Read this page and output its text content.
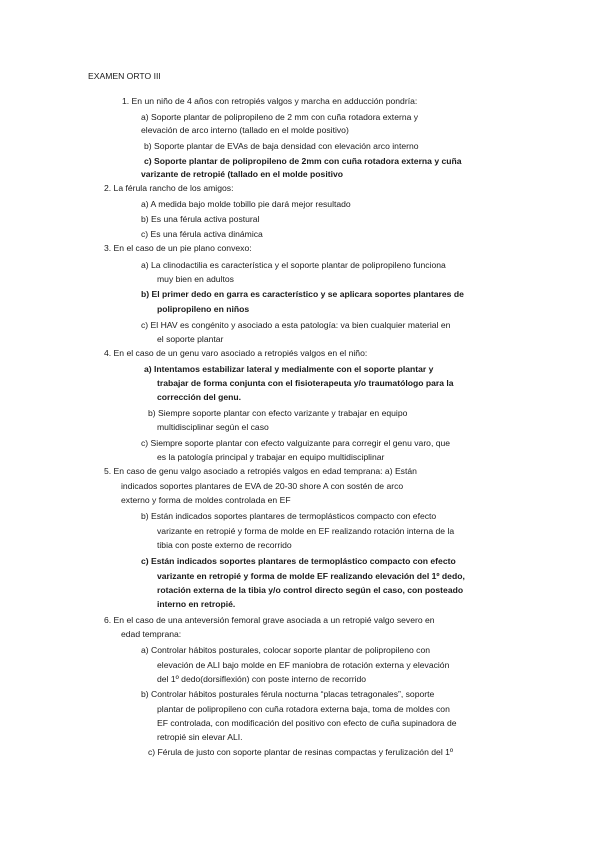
EXAMEN ORTO III
1. En un niño de 4 años con retropiés valgos y marcha en adducción pondría:
a) Soporte plantar de polipropileno de 2 mm con cuña rotadora externa y
elevación de arco interno (tallado en el molde positivo)
b) Soporte plantar de EVAs de baja densidad con elevación arco interno
c) Soporte plantar de polipropileno de 2mm con cuña rotadora externa y cuña
varizante de retropié (tallado en el molde positivo
2. La férula rancho de los amigos:
a) A medida bajo molde tobillo pie dará mejor resultado
b) Es una férula activa postural
c) Es una férula activa dinámica
3. En el caso de un pie plano convexo:
a) La clinodactilia es característica y el soporte plantar de polipropileno funciona
muy bien en adultos
b) El primer dedo en garra es característico y se aplicara soportes plantares de
polipropileno en niños
c) El HAV es congénito y asociado a esta patología: va bien cualquier material en
el soporte plantar
4. En el caso de un genu varo asociado a retropiés valgos en el niño:
a) Intentamos estabilizar lateral y medialmente con el soporte plantar y
trabajar de forma conjunta con el fisioterapeuta y/o traumatólogo para la
corrección del genu.
b) Siempre soporte plantar con efecto varizante y trabajar en equipo
multidisciplinar según el caso
c) Siempre soporte plantar con efecto valguizante para corregir el genu varo, que
es la patología principal y trabajar en equipo multidisciplinar
5. En caso de genu valgo asociado a retropiés valgos en edad temprana: a) Están
indicados soportes plantares de EVA de 20-30 shore A con sostén de arco
externo y forma de moldes controlada en EF
b) Están indicados soportes plantares de termoplásticos compacto con efecto
varizante en retropié y forma de molde en EF realizando rotación interna de la
tibia con poste externo de recorrido
c) Están indicados soportes plantares de termoplástico compacto con efecto
varizante en retropié y forma de molde EF realizando elevación del 1º dedo,
rotación externa de la tibia y/o control directo según el caso, con posteado
interno en retropié.
6. En el caso de una anteversión femoral grave asociada a un retropié valgo severo en
edad temprana:
a) Controlar hábitos posturales, colocar soporte plantar de polipropileno con
elevación de ALI bajo molde en EF maniobra de rotación externa y elevación
del 1º dedo(dorsiflexión) con poste interno de recorrido
b) Controlar hábitos posturales férula nocturna “placas tetragonales”, soporte
plantar de polipropileno con cuña rotadora externa baja, toma de moldes con
EF controlada, con modificación del positivo con efecto de cuña supinadora de
retropié sin elevar ALI.
c) Férula de justo con soporte plantar de resinas compactas y ferulización del 1º
